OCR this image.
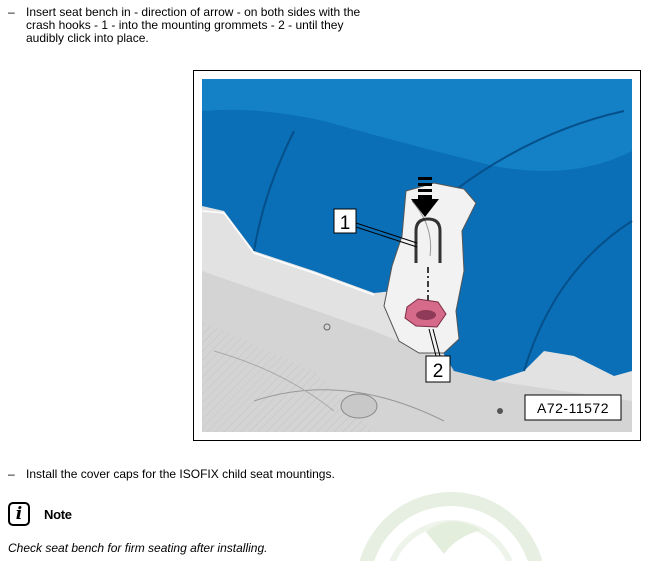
– Insert seat bench in - direction of arrow - on both sides with the crash hooks - 1 - into the mounting grommets - 2 - until they audibly click into place.
1
2
A72-11572
– Install the cover caps for the ISOFIX child seat mountings.
i	Note
Check seat bench for firm seating after installing.
